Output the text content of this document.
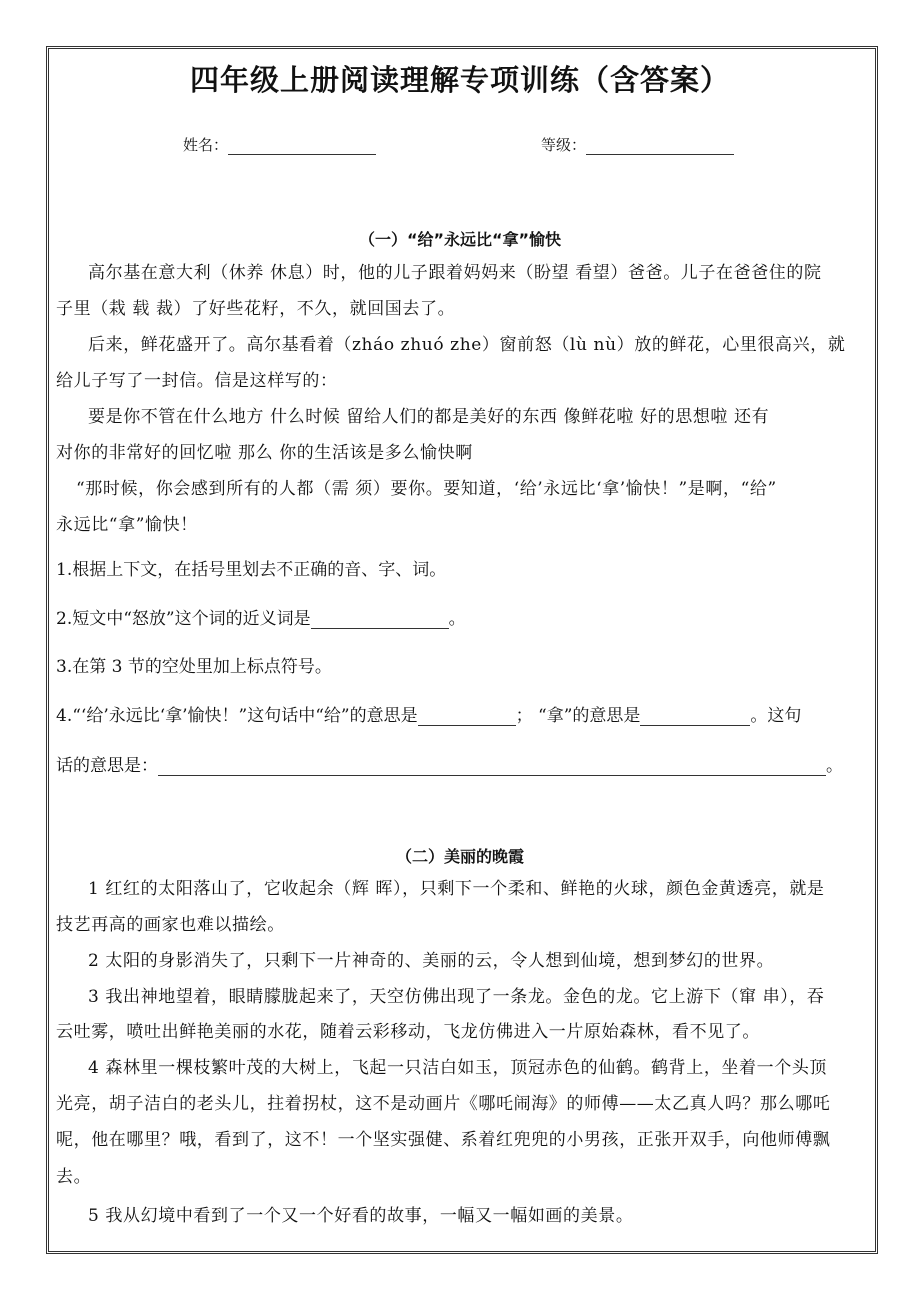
四年级上册阅读理解专项训练（含答案）
姓名：	等级：
（一）“给”永远比“拿”愉快
高尔基在意大利（休养 休息）时，他的儿子跟着妈妈来（盼望 看望）爸爸。儿子在爸爸住的院
子里（栽 载 裁）了好些花籽，不久，就回国去了。
后来，鲜花盛开了。高尔基看着（zháo zhuó zhe）窗前怒（lù nù）放的鲜花，心里很高兴，就
给儿子写了一封信。信是这样写的：
要是你不管在什么地方 什么时候 留给人们的都是美好的东西 像鲜花啦 好的思想啦 还有
对你的非常好的回忆啦 那么 你的生活该是多么愉快啊
“那时候，你会感到所有的人都（需 须）要你。要知道，‘给’永远比‘拿’愉快！”是啊，“给”
永远比“拿”愉快！
1.根据上下文，在括号里划去不正确的音、字、词。
2.短文中“怒放”这个词的近义词是	。
3.在第 3 节的空处里加上标点符号。
4.“‘给’永远比‘拿’愉快！”这句话中“给”的意思是	； “拿”的意思是	。这句
话的意思是：	。
（二）美丽的晚霞
1 红红的太阳落山了，它收起余（辉 晖），只剩下一个柔和、鲜艳的火球，颜色金黄透亮，就是
技艺再高的画家也难以描绘。
2 太阳的身影消失了，只剩下一片神奇的、美丽的云，令人想到仙境，想到梦幻的世界。
3 我出神地望着，眼睛朦胧起来了，天空仿佛出现了一条龙。金色的龙。它上游下（窜 串），吞
云吐雾，喷吐出鲜艳美丽的水花，随着云彩移动，飞龙仿佛进入一片原始森林，看不见了。
4 森林里一棵枝繁叶茂的大树上，飞起一只洁白如玉，顶冠赤色的仙鹤。鹤背上，坐着一个头顶
光亮，胡子洁白的老头儿，拄着拐杖，这不是动画片《哪吒闹海》的师傅——太乙真人吗？那么哪吒
呢，他在哪里？哦，看到了，这不！一个坚实强健、系着红兜兜的小男孩，正张开双手，向他师傅飘
去。
5 我从幻境中看到了一个又一个好看的故事，一幅又一幅如画的美景。
